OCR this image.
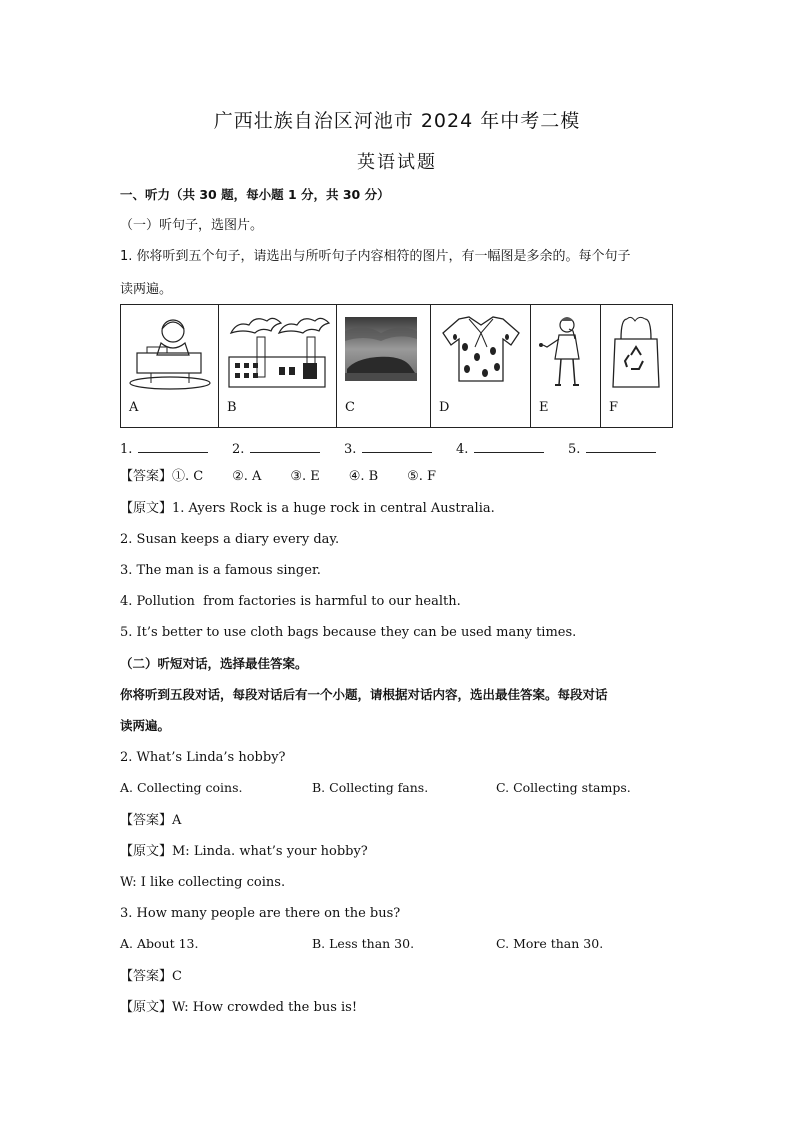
广西壮族自治区河池市 2024 年中考二模
英语试题
一、听力（共 30 题，每小题 1 分，共 30 分）
（一）听句子，选图片。
1. 你将听到五个句子，请选出与所听句子内容相符的图片，有一幅图是多余的。每个句子
读两遍。
A	B	C	D	E	F
1.	2.	3.	4.	5.
【答案】①. C       ②. A       ③. E       ④. B       ⑤. F
【原文】1. Ayers Rock is a huge rock in central Australia.
2. Susan keeps a diary every day.
3. The man is a famous singer.
4. Pollution  from factories is harmful to our health.
5. It’s better to use cloth bags because they can be used many times.
（二）听短对话，选择最佳答案。
你将听到五段对话，每段对话后有一个小题，请根据对话内容，选出最佳答案。每段对话
读两遍。
2. What’s Linda’s hobby?
A. Collecting coins.	B. Collecting fans.	C. Collecting stamps.
【答案】A
【原文】M: Linda. what’s your hobby?
W: I like collecting coins.
3. How many people are there on the bus?
A. About 13.	B. Less than 30.	C. More than 30.
【答案】C
【原文】W: How crowded the bus is!
